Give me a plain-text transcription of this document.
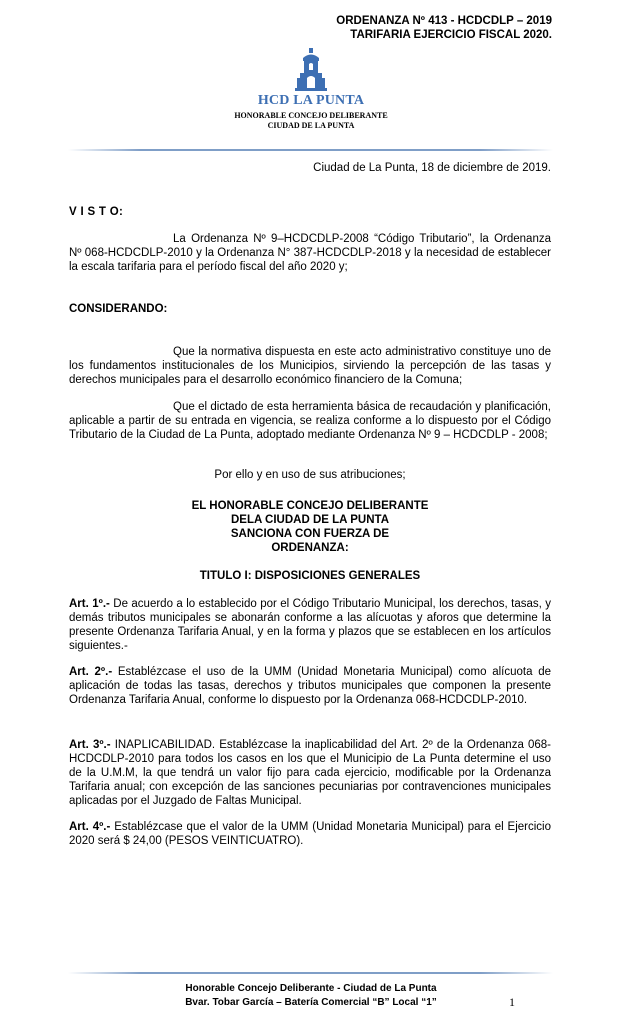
ORDENANZA Nº 413 - HCDCDLP – 2019
TARIFARIA EJERCICIO FISCAL 2020.
HCD LA PUNTA
HONORABLE CONCEJO DELIBERANTE
CIUDAD DE LA PUNTA
Ciudad de La Punta, 18 de diciembre de 2019.
V I S T O:
La Ordenanza Nº 9–HCDCDLP-2008 “Código Tributario”, la Ordenanza Nº 068-HCDCDLP-2010 y la Ordenanza N° 387-HCDCDLP-2018 y la necesidad de establecer la escala tarifaria para el período fiscal del año 2020 y;
CONSIDERANDO:
Que la normativa dispuesta en este acto administrativo constituye uno de los fundamentos institucionales de los Municipios, sirviendo la percepción de las tasas y derechos municipales para el desarrollo económico financiero de la Comuna;
Que el dictado de esta herramienta básica de recaudación y planificación, aplicable a partir de su entrada en vigencia, se realiza conforme a lo dispuesto por el Código Tributario de la Ciudad de La Punta, adoptado mediante Ordenanza Nº 9 – HCDCDLP - 2008;
Por ello y en uso de sus atribuciones;
EL HONORABLE CONCEJO DELIBERANTE
DELA CIUDAD DE LA PUNTA
SANCIONA CON FUERZA DE
ORDENANZA:
TITULO I: DISPOSICIONES GENERALES
Art. 1º.- De acuerdo a lo establecido por el Código Tributario Municipal, los derechos, tasas, y demás tributos municipales se abonarán conforme a las alícuotas y aforos que determine la presente Ordenanza Tarifaria Anual, y en la forma y plazos que se establecen en los artículos siguientes.-
Art. 2º.- Establézcase el uso de la UMM (Unidad Monetaria Municipal) como alícuota de aplicación de todas las tasas, derechos y tributos municipales que componen la presente Ordenanza Tarifaria Anual, conforme lo dispuesto por la Ordenanza 068-HCDCDLP-2010.
Art. 3º.- INAPLICABILIDAD. Establézcase la inaplicabilidad del Art. 2º de la Ordenanza 068-HCDCDLP-2010 para todos los casos en los que el Municipio de La Punta determine el uso de la U.M.M, la que tendrá un valor fijo para cada ejercicio, modificable por la Ordenanza Tarifaria anual; con excepción de las sanciones pecuniarias por contravenciones municipales aplicadas por el Juzgado de Faltas Municipal.
Art. 4º.- Establézcase que el valor de la UMM (Unidad Monetaria Municipal) para el Ejercicio 2020 será $ 24,00 (PESOS VEINTICUATRO).
Honorable Concejo Deliberante - Ciudad de La Punta
Bvar. Tobar García – Batería Comercial “B” Local “1”	1
